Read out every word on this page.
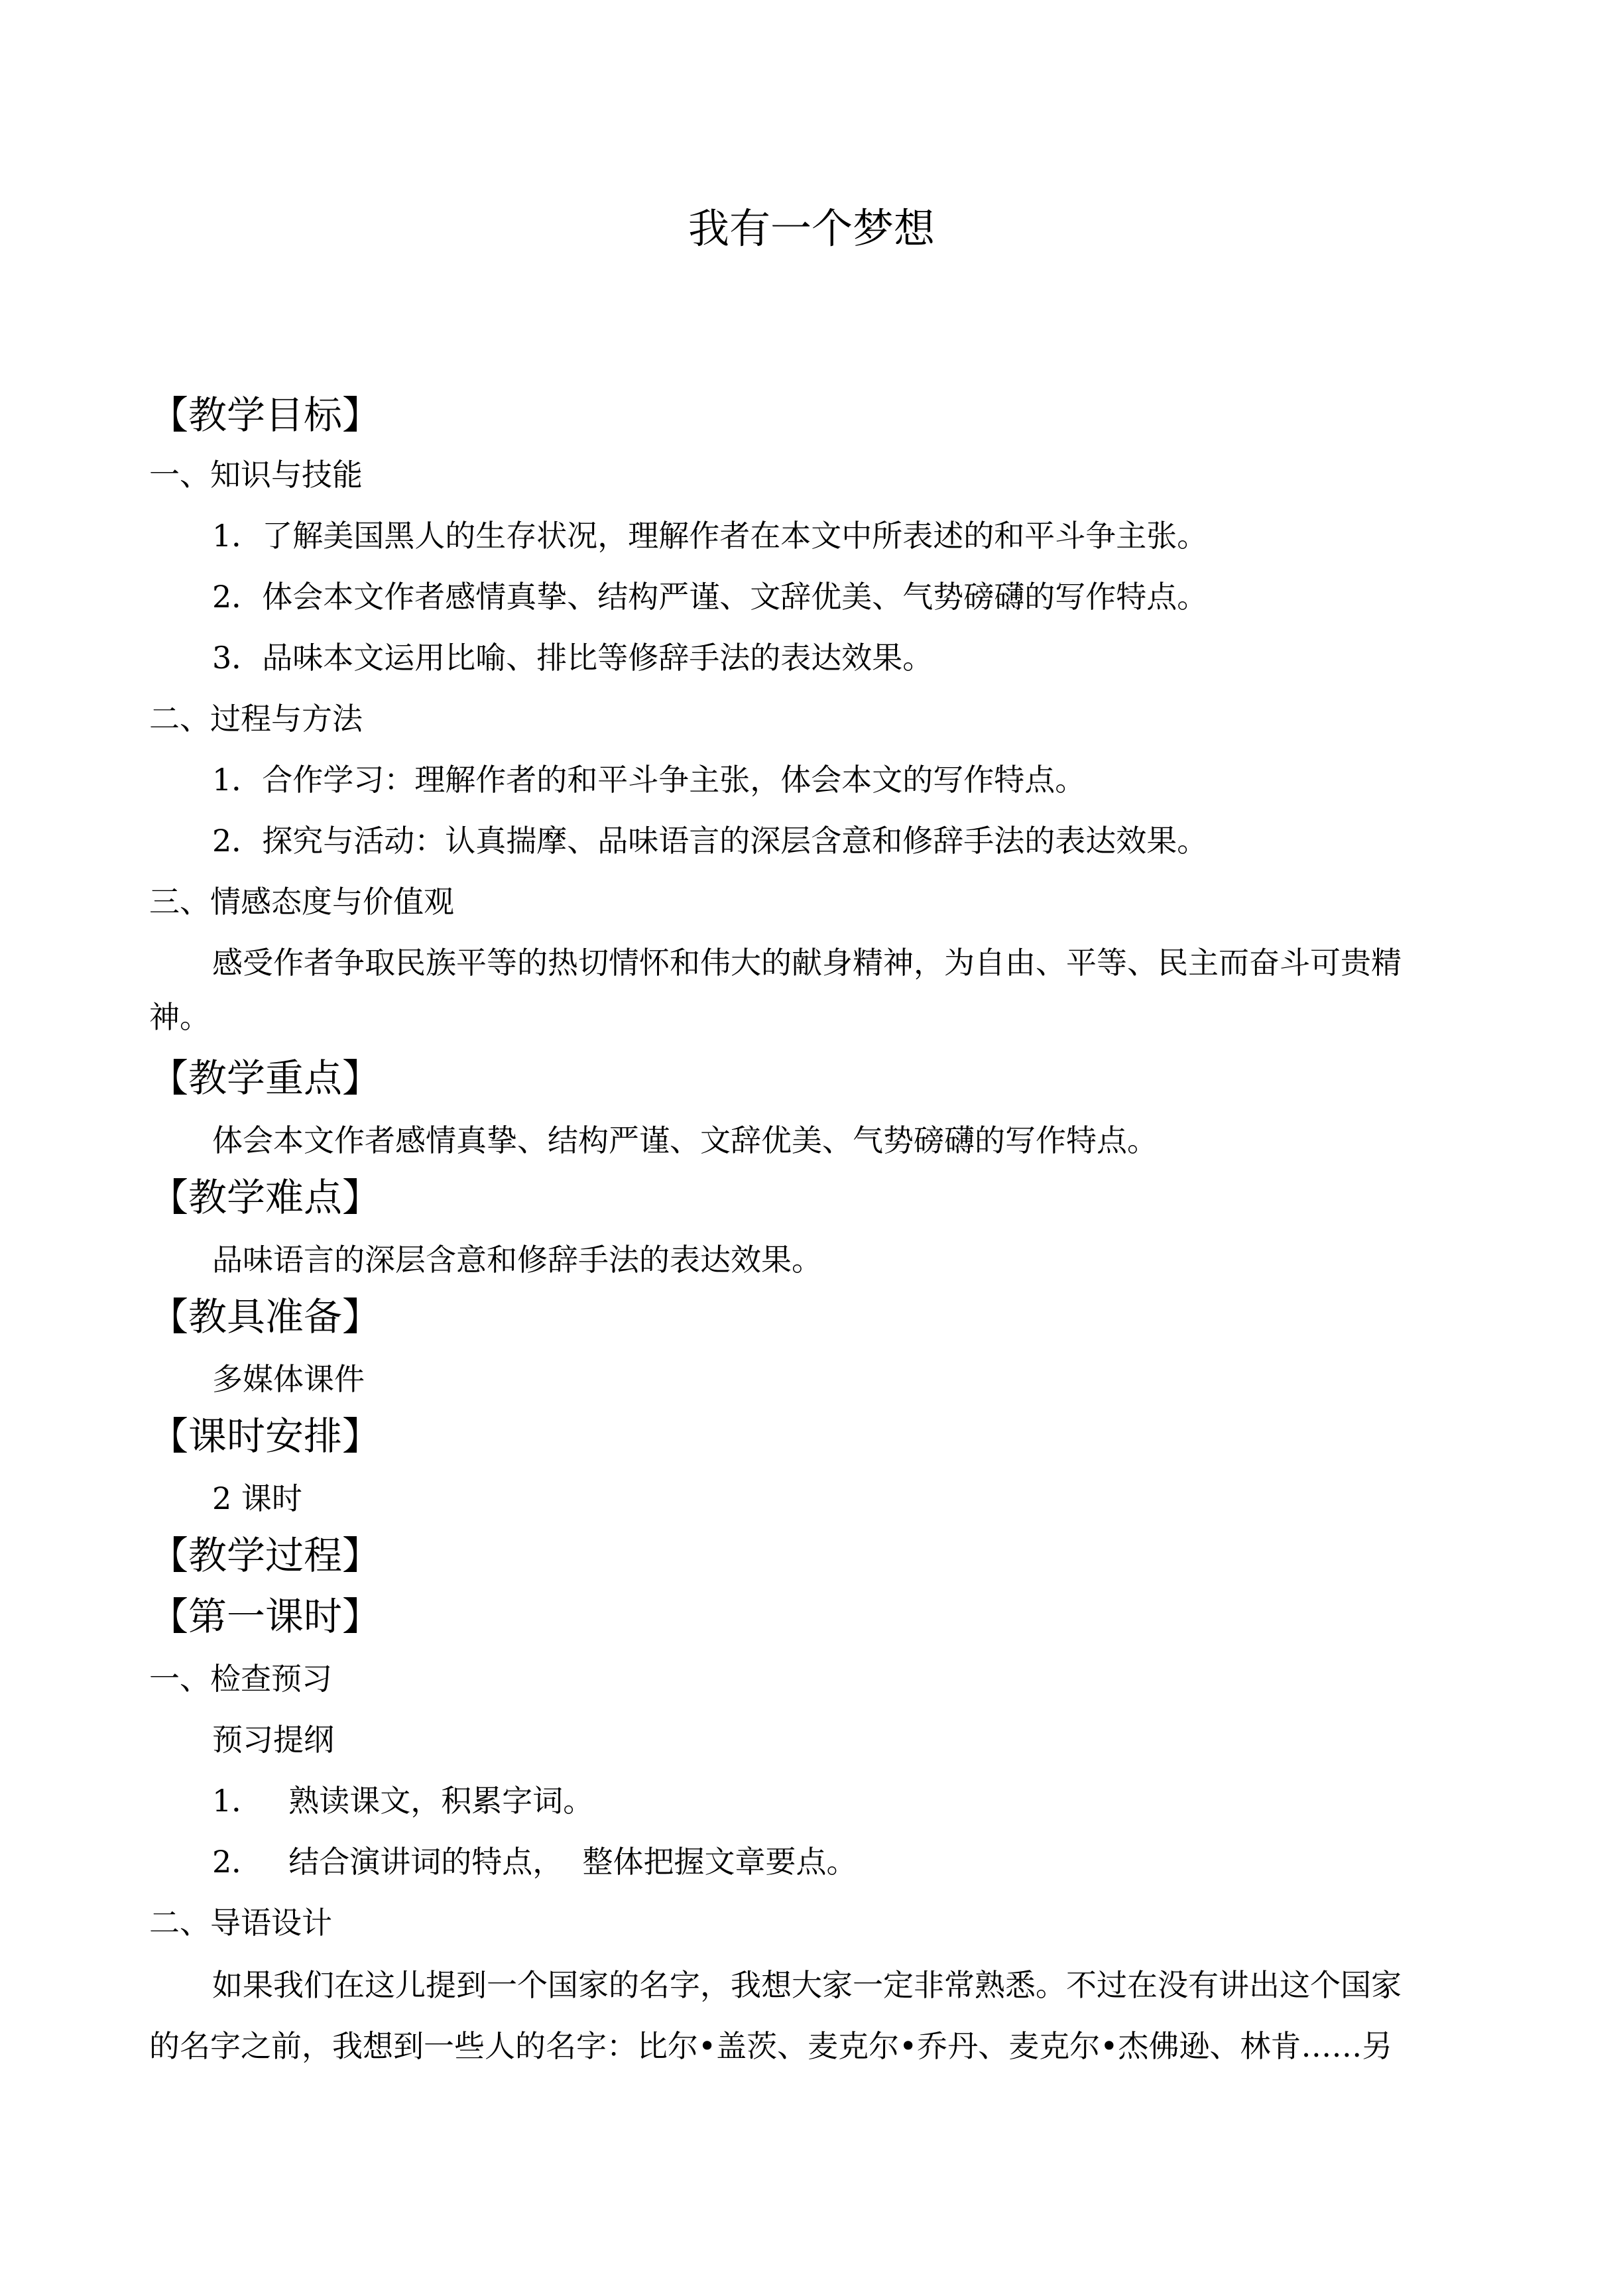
我有一个梦想
【教学目标】
一、知识与技能
1．了解美国黑人的生存状况，理解作者在本文中所表述的和平斗争主张。
2．体会本文作者感情真挚、结构严谨、文辞优美、气势磅礴的写作特点。
3．品味本文运用比喻、排比等修辞手法的表达效果。
二、过程与方法
1．合作学习：理解作者的和平斗争主张，体会本文的写作特点。
2．探究与活动：认真揣摩、品味语言的深层含意和修辞手法的表达效果。
三、情感态度与价值观
感受作者争取民族平等的热切情怀和伟大的献身精神，为自由、平等、民主而奋斗可贵精
神。
【教学重点】
体会本文作者感情真挚、结构严谨、文辞优美、气势磅礴的写作特点。
【教学难点】
品味语言的深层含意和修辞手法的表达效果。
【教具准备】
多媒体课件
【课时安排】
2 课时
【教学过程】
【第一课时】
一、检查预习
预习提纲
1． 熟读课文，积累字词。
2． 结合演讲词的特点，  整体把握文章要点。
二、导语设计
如果我们在这儿提到一个国家的名字，我想大家一定非常熟悉。不过在没有讲出这个国家
的名字之前，我想到一些人的名字：比尔•盖茨、麦克尔•乔丹、麦克尔•杰佛逊、林肯……另
